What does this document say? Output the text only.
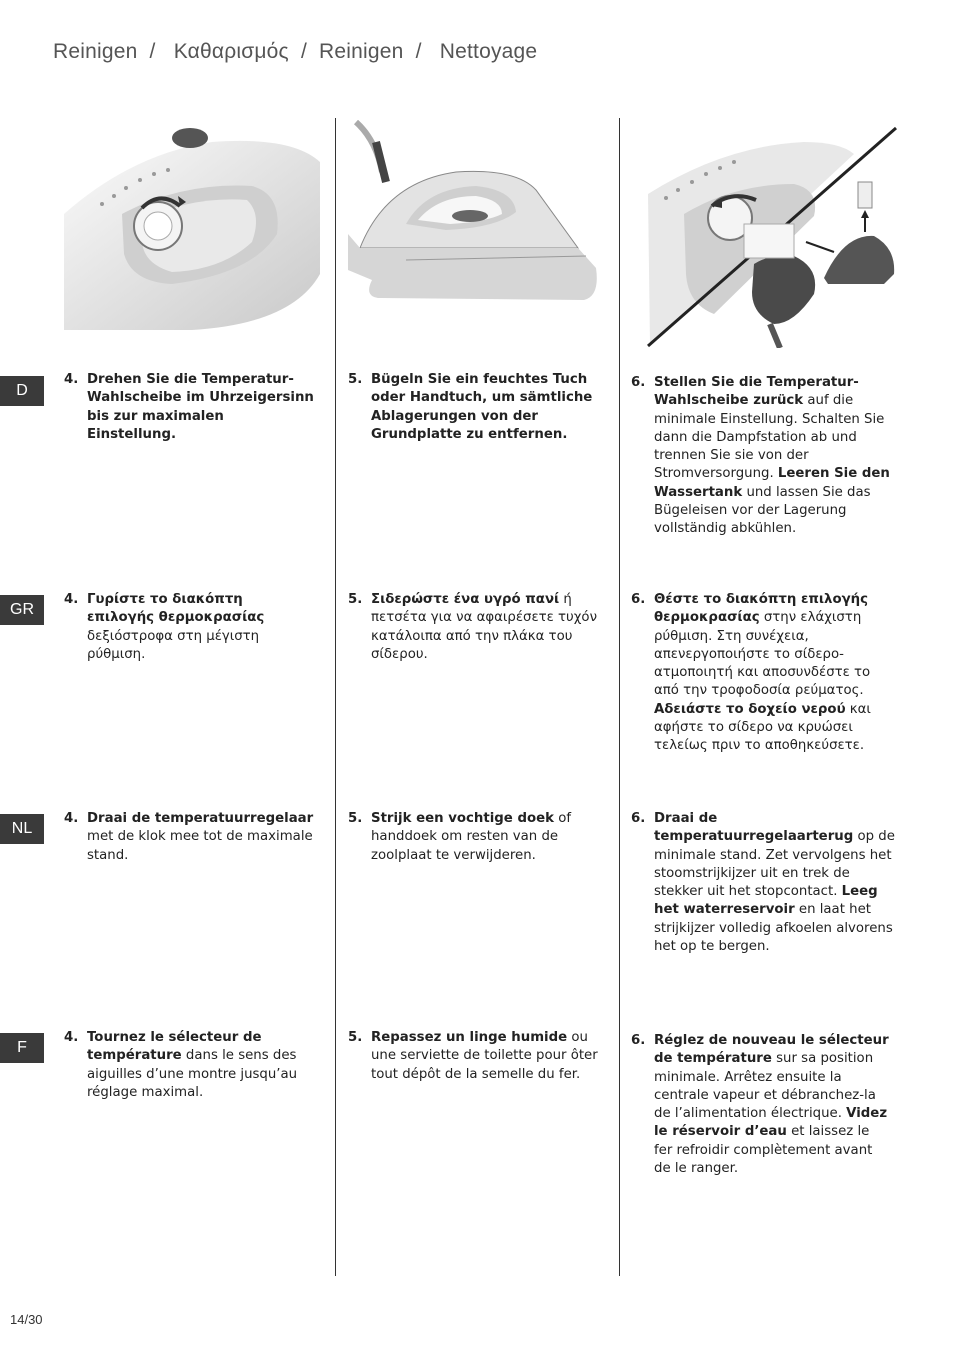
Reinigen  /   Καθαρισμός  /  Reinigen  /   Nettoyage
D
GR
NL
F
4. Drehen Sie die Temperatur-Wahlscheibe im Uhrzeigersinn bis zur maximalen Einstellung.
5. Bügeln Sie ein feuchtes Tuch oder Handtuch, um sämtliche Ablagerungen von der Grundplatte zu entfernen.
6. Stellen Sie die Temperatur-Wahlscheibe zurück auf die minimale Einstellung. Schalten Sie dann die Dampfstation ab und trennen Sie sie von der Stromversorgung. Leeren Sie den Wassertank und lassen Sie das Bügeleisen vor der Lagerung vollständig abkühlen.
4. Γυρίστε το διακόπτη επιλογής θερμοκρασίας δεξιόστροφα στη μέγιστη ρύθμιση.
5. Σιδερώστε ένα υγρό πανί ή πετσέτα για να αφαιρέσετε τυχόν κατάλοιπα από την πλάκα του σίδερου.
6. Θέστε το διακόπτη επιλογής θερμοκρασίας στην ελάχιστη ρύθμιση. Στη συνέχεια, απενεργοποιήστε το σίδερο-ατμοποιητή και αποσυνδέστε το από την τροφοδοσία ρεύματος. Αδειάστε το δοχείο νερού και αφήστε το σίδερο να κρυώσει τελείως πριν το αποθηκεύσετε.
4. Draai de temperatuurregelaar met de klok mee tot de maximale stand.
5. Strijk een vochtige doek of handdoek om resten van de zoolplaat te verwijderen.
6. Draai de temperatuurregelaarterug op de minimale stand. Zet vervolgens het stoomstrijkijzer uit en trek de stekker uit het stopcontact. Leeg het waterreservoir en laat het strijkijzer volledig afkoelen alvorens het op te bergen.
4. Tournez le sélecteur de température dans le sens des aiguilles d’une montre jusqu’au réglage maximal.
5. Repassez un linge humide ou une serviette de toilette pour ôter tout dépôt de la semelle du fer.
6. Réglez de nouveau le sélecteur de température sur sa position minimale. Arrêtez ensuite la centrale vapeur et débranchez-la de l’alimentation électrique. Videz le réservoir d’eau et laissez le fer refroidir complètement avant de le ranger.
14/30
